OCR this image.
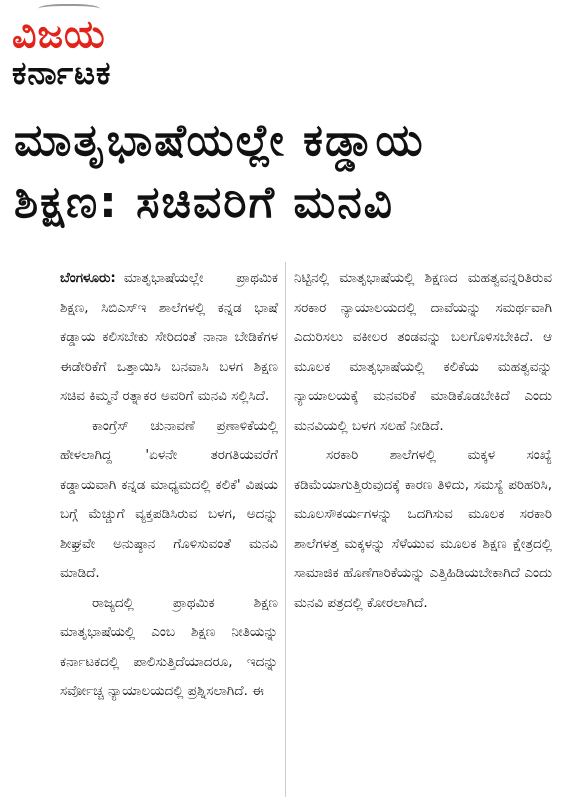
ವಿಜಯ
ಕರ್ನಾಟಕ
ಮಾತೃಭಾಷೆಯಲ್ಲೇ ಕಡ್ಡಾಯ
ಶಿಕ್ಷಣ: ಸಚಿವರಿಗೆ ಮನವಿ

ಬೆಂಗಳೂರು: ಮಾತೃಭಾಷೆಯಲ್ಲೇ ಪ್ರಾಥಮಿಕ ಶಿಕ್ಷಣ, ಸಿಬಿಎಸ್‌ಇ ಶಾಲೆಗಳಲ್ಲಿ ಕನ್ನಡ ಭಾಷೆ ಕಡ್ಡಾಯ ಕಲಿಸಬೇಕು ಸೇರಿದಂತೆ ನಾನಾ ಬೇಡಿಕೆಗಳ ಈಡೇರಿಕೆಗೆ ಒತ್ತಾಯಿಸಿ ಬನವಾಸಿ ಬಳಗ ಶಿಕ್ಷಣ ಸಚಿವ ಕಿಮ್ಮನೆ ರತ್ನಾಕರ ಅವರಿಗೆ ಮನವಿ ಸಲ್ಲಿಸಿದೆ.

ಕಾಂಗ್ರೆಸ್ ಚುನಾವಣೆ ಪ್ರಣಾಳಿಕೆಯಲ್ಲಿ ಹೇಳಲಾಗಿದ್ದ 'ಏಳನೇ ತರಗತಿಯವರೆಗೆ ಕಡ್ಡಾಯವಾಗಿ ಕನ್ನಡ ಮಾಧ್ಯಮದಲ್ಲಿ ಕಲಿಕೆ' ವಿಷಯ ಬಗ್ಗೆ ಮೆಚ್ಚುಗೆ ವ್ಯಕ್ತಪಡಿಸಿರುವ ಬಳಗ, ಅದನ್ನು ಶೀಘ್ರವೇ ಅನುಷ್ಠಾನ ಗೊಳಿಸುವಂತೆ ಮನವಿ ಮಾಡಿದೆ.

ರಾಜ್ಯದಲ್ಲಿ ಪ್ರಾಥಮಿಕ ಶಿಕ್ಷಣ ಮಾತೃಭಾಷೆಯಲ್ಲಿ ಎಂಬ ಶಿಕ್ಷಣ ನೀತಿಯನ್ನು ಕರ್ನಾಟಕದಲ್ಲಿ ಪಾಲಿಸುತ್ತಿದೆಯಾದರೂ, ಇದನ್ನು ಸರ್ವೋಚ್ಚ ನ್ಯಾಯಾಲಯದಲ್ಲಿ ಪ್ರಶ್ನಿಸಲಾಗಿದೆ. ಈ

ನಿಟ್ಟಿನಲ್ಲಿ ಮಾತೃಭಾಷೆಯಲ್ಲಿ ಶಿಕ್ಷಣದ ಮಹತ್ವವನ್ನರಿತಿರುವ ಸರಕಾರ ನ್ಯಾಯಾಲಯದಲ್ಲಿ ದಾವೆಯನ್ನು ಸಮರ್ಥವಾಗಿ ಎದುರಿಸಲು ವಕೀಲರ ತಂಡವನ್ನು ಬಲಗೊಳಿಸಬೇಕಿದೆ. ಆ ಮೂಲಕ ಮಾತೃಭಾಷೆಯಲ್ಲಿ ಕಲಿಕೆಯ ಮಹತ್ವವನ್ನು ನ್ಯಾಯಾಲಯಕ್ಕೆ ಮನವರಿಕೆ ಮಾಡಿಕೊಡಬೇಕಿದೆ ಎಂದು ಮನವಿಯಲ್ಲಿ ಬಳಗ ಸಲಹೆ ನೀಡಿದೆ.

ಸರಕಾರಿ ಶಾಲೆಗಳಲ್ಲಿ ಮಕ್ಕಳ ಸಂಖ್ಯೆ ಕಡಿಮೆಯಾಗುತ್ತಿರುವುದಕ್ಕೆ ಕಾರಣ ತಿಳಿದು, ಸಮಸ್ಯೆ ಪರಿಹರಿಸಿ, ಮೂಲಸೌಕರ್ಯಗಳನ್ನು ಒದಗಿಸುವ ಮೂಲಕ ಸರಕಾರಿ ಶಾಲೆಗಳತ್ತ ಮಕ್ಕಳನ್ನು ಸೆಳೆಯುವ ಮೂಲಕ ಶಿಕ್ಷಣ ಕ್ಷೇತ್ರದಲ್ಲಿ ಸಾಮಾಜಿಕ ಹೊಣೆಗಾರಿಕೆಯನ್ನು ಎತ್ತಿಹಿಡಿಯಬೇಕಾಗಿದೆ ಎಂದು ಮನವಿ ಪತ್ರದಲ್ಲಿ ಕೋರಲಾಗಿದೆ.
